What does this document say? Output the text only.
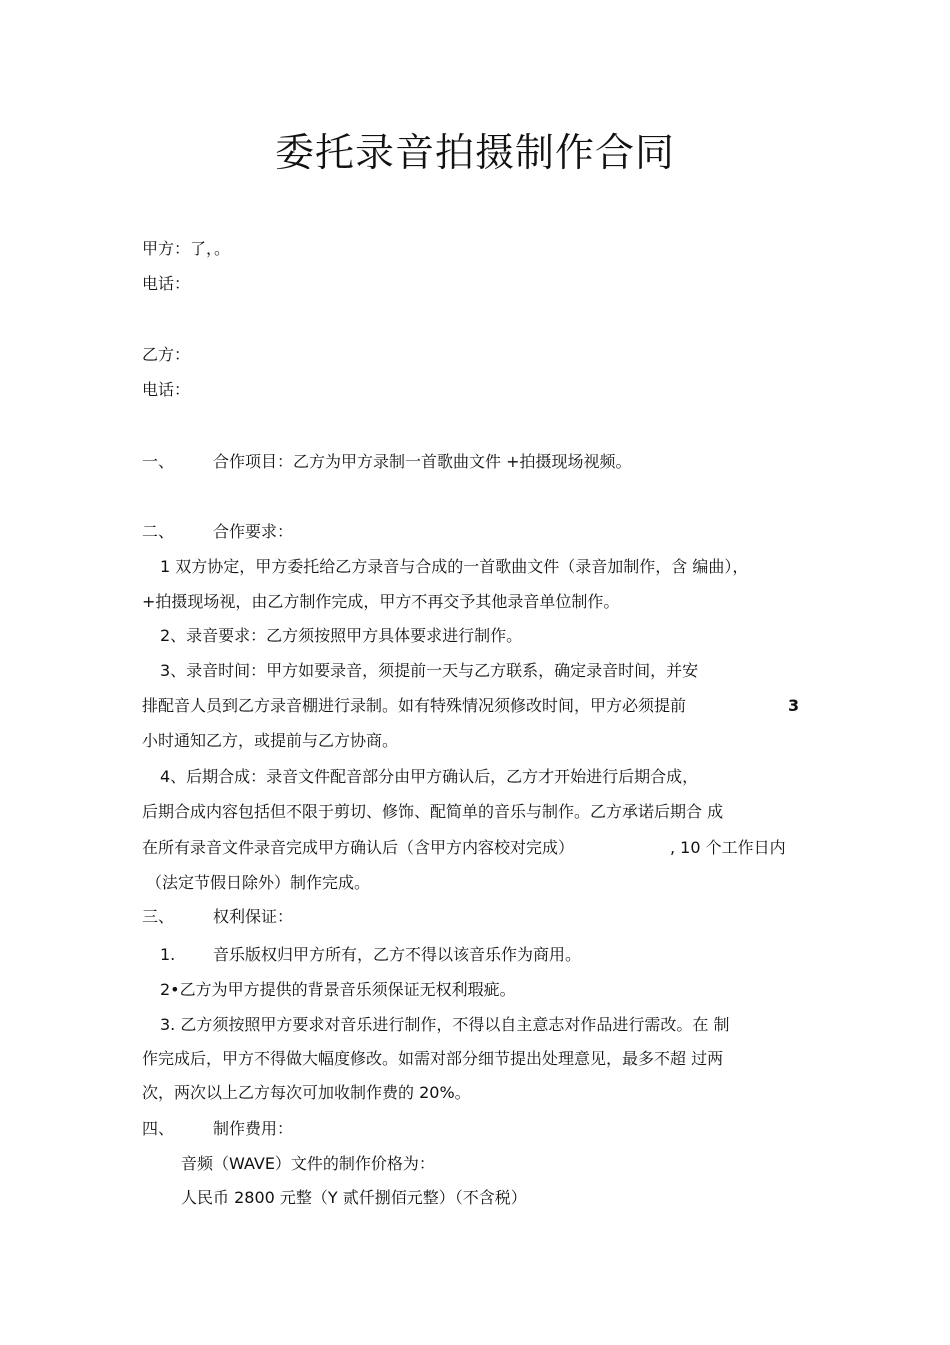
委托录音拍摄制作合同
甲方：了，。
电话：
乙方：
电话：
一、 合作项目：乙方为甲方录制一首歌曲文件 +拍摄现场视频。
二、 合作要求：
1 双方协定，甲方委托给乙方录音与合成的一首歌曲文件（录音加制作，含 编曲），
+拍摄现场视，由乙方制作完成，甲方不再交予其他录音单位制作。
2、录音要求：乙方须按照甲方具体要求进行制作。
3、录音时间：甲方如要录音，须提前一天与乙方联系，确定录音时间，并安
排配音人员到乙方录音棚进行录制。如有特殊情况须修改时间，甲方必须提前	3
小时通知乙方，或提前与乙方协商。
4、后期合成：录音文件配音部分由甲方确认后，乙方才开始进行后期合成，
后期合成内容包括但不限于剪切、修饰、配简单的音乐与制作。乙方承诺后期合 成
在所有录音文件录音完成甲方确认后（含甲方内容校对完成）	, 10 个工作日内
（法定节假日除外）制作完成。
三、 权利保证：
1. 音乐版权归甲方所有，乙方不得以该音乐作为商用。
2•乙方为甲方提供的背景音乐须保证无权利瑕疵。
3. 乙方须按照甲方要求对音乐进行制作，不得以自主意志对作品进行需改。在 制
作完成后，甲方不得做大幅度修改。如需对部分细节提出处理意见，最多不超 过两
次，两次以上乙方每次可加收制作费的 20%。
四、 制作费用：
音频（WAVE）文件的制作价格为：
人民币 2800 元整（Y 贰仟捌佰元整）（不含税）
